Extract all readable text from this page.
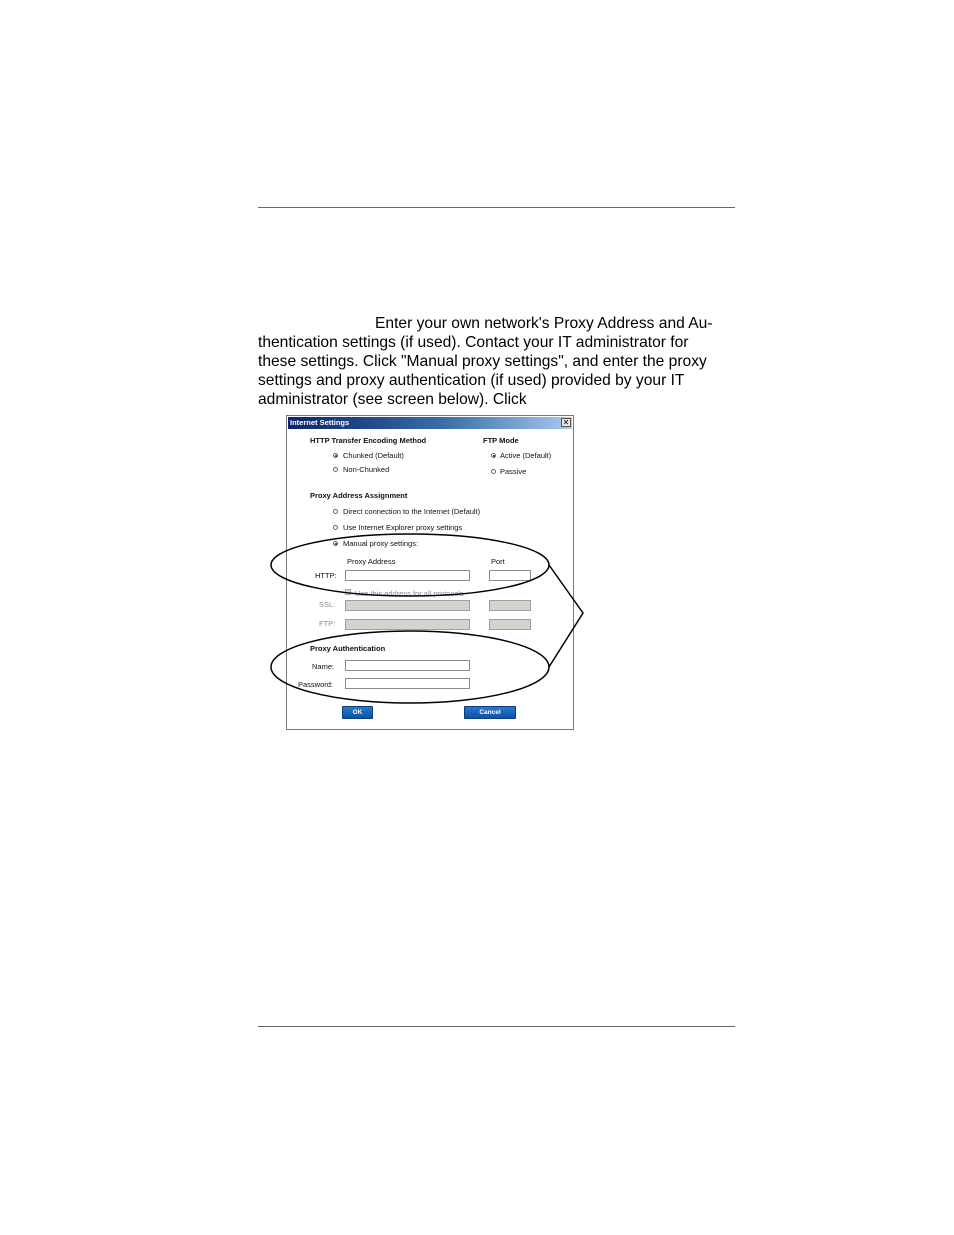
Enter your own network's Proxy Address and Au-
thentication settings (if used). Contact your IT administrator for
these settings. Click "Manual proxy settings", and enter the proxy
settings and proxy authentication (if used) provided by your IT
administrator (see screen below). Click

Internet Settings	✕
HTTP Transfer Encoding Method
Chunked (Default)
Non-Chunked
FTP Mode
Active (Default)
Passive
Proxy Address Assignment
Direct connection to the Internet (Default)
Use Internet Explorer proxy settings
Manual proxy settings:
Proxy Address	Port
HTTP:
Use this address for all protocols
SSL:
FTP:
Proxy Authentication
Name:
Password:
OK	Cancel
